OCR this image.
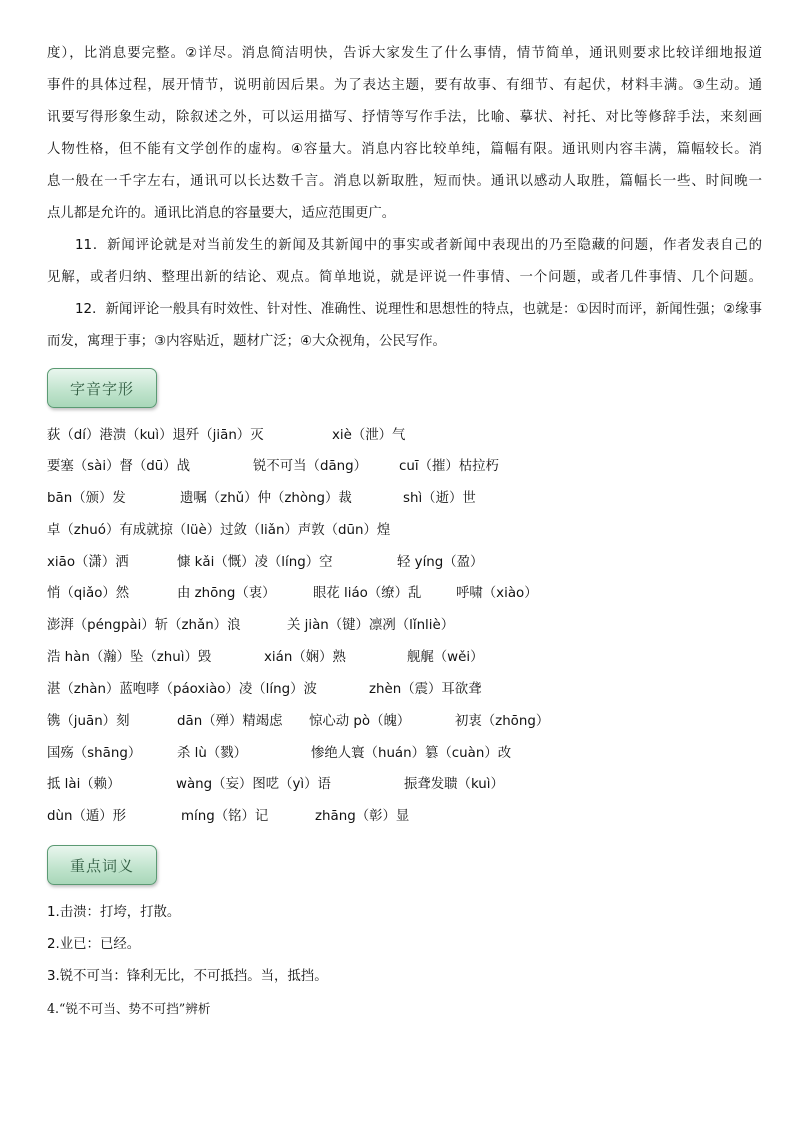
度），比消息要完整。②详尽。消息简洁明快，告诉大家发生了什么事情，情节简单，通讯则要求比较详细地报道
事件的具体过程，展开情节，说明前因后果。为了表达主题，要有故事、有细节、有起伏，材料丰满。③生动。通
讯要写得形象生动，除叙述之外，可以运用描写、抒情等写作手法，比喻、摹状、衬托、对比等修辞手法，来刻画
人物性格，但不能有文学创作的虚构。④容量大。消息内容比较单纯，篇幅有限。通讯则内容丰满，篇幅较长。消
息一般在一千字左右，通讯可以长达数千言。消息以新取胜，短而快。通讯以感动人取胜，篇幅长一些、时间晚一
点儿都是允许的。通讯比消息的容量要大，适应范围更广。
11．新闻评论就是对当前发生的新闻及其新闻中的事实或者新闻中表现出的乃至隐藏的问题，作者发表自己的
见解，或者归纳、整理出新的结论、观点。简单地说，就是评说一件事情、一个问题，或者几件事情、几个问题。
12．新闻评论一般具有时效性、针对性、准确性、说理性和思想性的特点，也就是：①因时而评，新闻性强；②缘事
而发，寓理于事；③内容贴近，题材广泛；④大众视角，公民写作。
字音字形
荻（dí）港溃（kuì）退歼（jiān）灭	xiè（泄）气
要塞（sài）督（dū）战	锐不可当（dāng） cuī（摧）枯拉朽
bān（颁）发	遗嘱（zhǔ）仲（zhòng）裁	shì（逝）世
卓（zhuó）有成就掠（lüè）过敛（liǎn）声敦（dūn）煌
xiāo（潇）洒	慷 kǎi（慨）凌（líng）空	轻 yíng（盈）
悄（qiǎo）然	由 zhōng（衷）	眼花 liáo（缭）乱	呼啸（xiào）
澎湃（péngpài）斩（zhǎn）浪	关 jiàn（键）凛冽（lǐnliè）
浩 hàn（瀚）坠（zhuì）毁	xián（娴）熟	舰艉（wěi）
湛（zhàn）蓝咆哮（páoxiào）凌（líng）波	zhèn（震）耳欲聋
镌（juān）刻	dān（殚）精竭虑 惊心动 pò（魄）	初衷（zhōng）
国殇（shāng）	杀 lù（戮）	惨绝人寰（huán）篡（cuàn）改
抵 lài（赖）	wàng（妄）图呓（yì）语	振聋发聩（kuì）
dùn（遁）形	míng（铭）记	zhāng（彰）显
重点词义
1.击溃：打垮，打散。
2.业已：已经。
3.锐不可当：锋利无比，不可抵挡。当，抵挡。
4.“锐不可当、势不可挡”辨析
